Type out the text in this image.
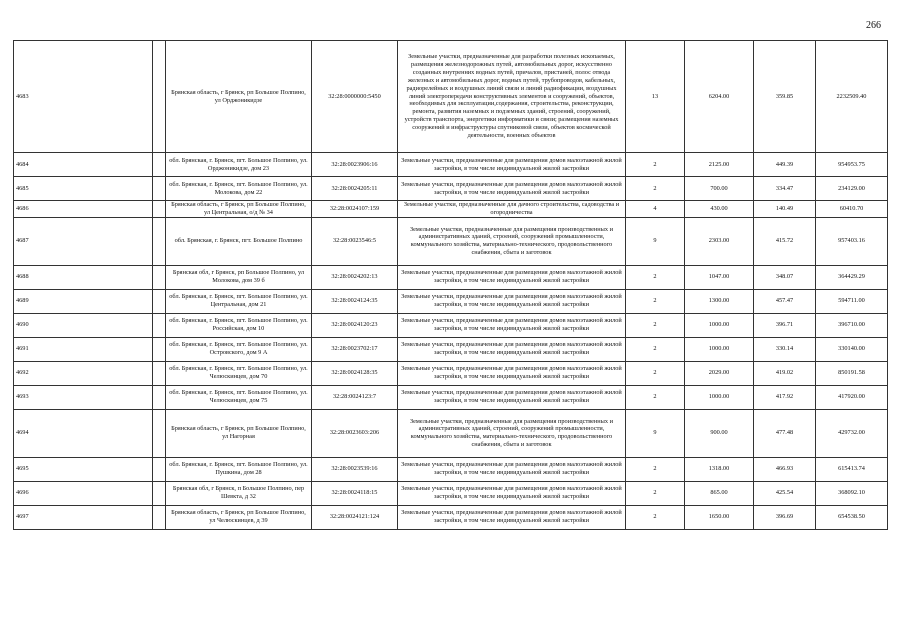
266
4683		Брянская область, г Брянск, рп Большое Полпино, ул Орджоникидзе	32:28:0000000:5450	Земельные участки, предназначенные для разработки полезных ископаемых, размещения железнодорожных путей, автомобильных дорог, искусственно созданных внутренних водных путей, причалов, пристаней, полос отвода железных и автомобильных дорог, водных путей, трубопроводов, кабельных, радиорелейных и воздушных линий связи и линий радиофикации, воздушных линий электропередачи конструктивных элементов и сооружений, объектов, необходимых для эксплуатации,содержания, строительства, реконструкции, ремонта, развития наземных и подземных зданий, строений, сооружений, устройств транспорта, энергетики информатики и связи; размещения наземных сооружений и инфраструктуры спутниковой связи, объектов космической деятельности, военных объектов	13	6204.00	359.85	2232509.40
4684		обл. Брянская, г. Брянск, пгт. Большое Полпино, ул. Орджоникидзе, дом 23	32:28:0023906:16	Земельные участки, предназначенные для размещения домов малоэтажной жилой застройки, в том числе индивидуальной жилой застройки	2	2125.00	449.39	954953.75
4685		обл. Брянская, г. Брянск, пгт. Большое Полпино, ул. Молокова, дом 22	32:28:0024205:11	Земельные участки, предназначенные для размещения домов малоэтажной жилой застройки, в том числе индивидуальной жилой застройки	2	700.00	334.47	234129.00
4686		Брянская область, г Брянск, рп Большое Полпино, ул Центральная, о/д № 34	32:28:0024107:159	Земельные участки, предназначенные для дачного строительства, садоводства и огородничества	4	430.00	140.49	60410.70
4687		обл. Брянская, г. Брянск, пгт. Большое Полпино	32:28:0023546:5	Земельные участки, предназначенные для размещения производственных и административных зданий, строений, сооружений промышленности, коммунального хозяйства, материально-технического, продовольственного снабжения, сбыта и заготовок	9	2303.00	415.72	957403.16
4688		Брянская обл, г Брянск, рп Большое Полпино, ул Молокова, дом 39 б	32:28:0024202:13	Земельные участки, предназначенные для размещения домов малоэтажной жилой застройки, в том числе индивидуальной жилой застройки	2	1047.00	348.07	364429.29
4689		обл. Брянская, г. Брянск, пгт. Большое Полпино, ул. Центральная, дом 21	32:28:0024124:35	Земельные участки, предназначенные для размещения домов малоэтажной жилой застройки, в том числе индивидуальной жилой застройки	2	1300.00	457.47	594711.00
4690		обл. Брянская, г. Брянск, пгт. Большое Полпино, ул. Российская, дом 10	32:28:0024120:23	Земельные участки, предназначенные для размещения домов малоэтажной жилой застройки, в том числе индивидуальной жилой застройки	2	1000.00	396.71	396710.00
4691		обл. Брянская, г. Брянск, пгт. Большое Полпино, ул. Островского, дом 9 А	32:28:0023702:17	Земельные участки, предназначенные для размещения домов малоэтажной жилой застройки, в том числе индивидуальной жилой застройки	2	1000.00	330.14	330140.00
4692		обл. Брянская, г. Брянск, пгт. Большое Полпино, ул. Челюскинцев, дом 70	32:28:0024128:35	Земельные участки, предназначенные для размещения домов малоэтажной жилой застройки, в том числе индивидуальной жилой застройки	2	2029.00	419.02	850191.58
4693		обл. Брянская, г. Брянск, пгт. Большое Полпино, ул. Челюскинцев, дом 75	32:28:0024123:7	Земельные участки, предназначенные для размещения домов малоэтажной жилой застройки, в том числе индивидуальной жилой застройки	2	1000.00	417.92	417920.00
4694		Брянская область, г Брянск, рп Большое Полпино, ул Нагорная	32:28:0023603:206	Земельные участки, предназначенные для размещения производственных и административных зданий, строений, сооружений промышленности, коммунального хозяйства, материально-технического, продовольственного снабжения, сбыта и заготовок	9	900.00	477.48	429732.00
4695		обл. Брянская, г. Брянск, пгт. Большое Полпино, ул. Пушкина, дом 28	32:28:0023539:16	Земельные участки, предназначенные для размещения домов малоэтажной жилой застройки, в том числе индивидуальной жилой застройки	2	1318.00	466.93	615413.74
4696		Брянская обл, г Брянск, п Большое Полпино, пер Шевкта, д 32	32:28:0024118:15	Земельные участки, предназначенные для размещения домов малоэтажной жилой застройки, в том числе индивидуальной жилой застройки	2	865.00	425.54	368092.10
4697		Брянская область, г Брянск, рп Большое Полпино, ул Челюскинцев, д 39	32:28:0024121:124	Земельные участки, предназначенные для размещения домов малоэтажной жилой застройки, в том числе индивидуальной жилой застройки	2	1650.00	396.69	654538.50
